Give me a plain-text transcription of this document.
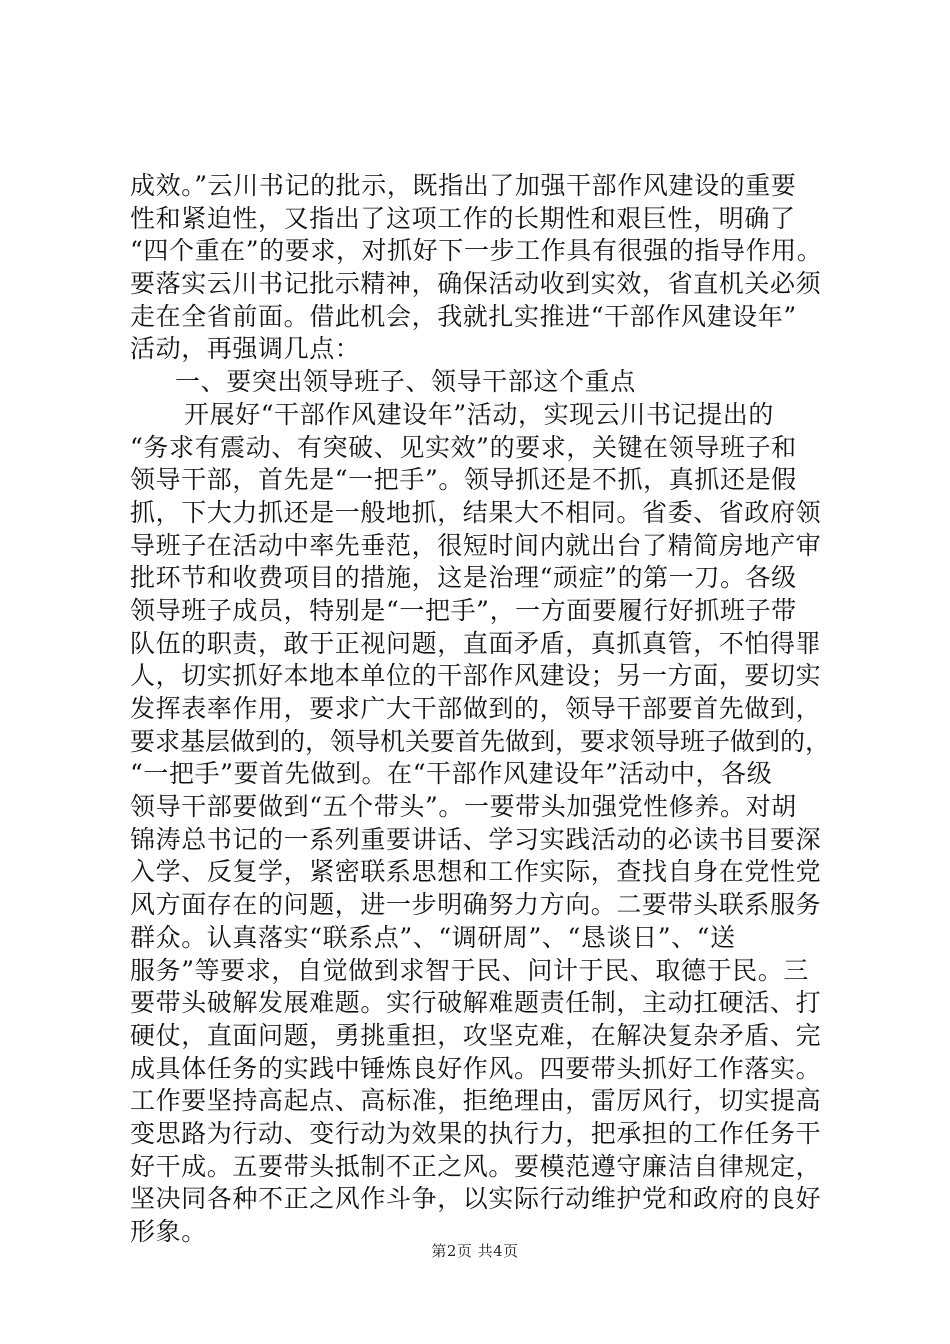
成效。”云川书记的批示，既指出了加强干部作风建设的重要
性和紧迫性，又指出了这项工作的长期性和艰巨性，明确了
“四个重在”的要求，对抓好下一步工作具有很强的指导作用。
要落实云川书记批示精神，确保活动收到实效，省直机关必须
走在全省前面。借此机会，我就扎实推进“干部作风建设年”
活动，再强调几点：
一、要突出领导班子、领导干部这个重点
开展好“干部作风建设年”活动，实现云川书记提出的
“务求有震动、有突破、见实效”的要求，关键在领导班子和
领导干部，首先是“一把手”。领导抓还是不抓，真抓还是假
抓，下大力抓还是一般地抓，结果大不相同。省委、省政府领
导班子在活动中率先垂范，很短时间内就出台了精简房地产审
批环节和收费项目的措施，这是治理“顽症”的第一刀。各级
领导班子成员，特别是“一把手”，一方面要履行好抓班子带
队伍的职责，敢于正视问题，直面矛盾，真抓真管，不怕得罪
人，切实抓好本地本单位的干部作风建设；另一方面，要切实
发挥表率作用，要求广大干部做到的，领导干部要首先做到，
要求基层做到的，领导机关要首先做到，要求领导班子做到的，
“一把手”要首先做到。在“干部作风建设年”活动中，各级
领导干部要做到“五个带头”。一要带头加强党性修养。对胡
锦涛总书记的一系列重要讲话、学习实践活动的必读书目要深
入学、反复学，紧密联系思想和工作实际，查找自身在党性党
风方面存在的问题，进一步明确努力方向。二要带头联系服务
群众。认真落实“联系点”、“调研周”、“恳谈日”、“送
服务”等要求，自觉做到求智于民、问计于民、取德于民。三
要带头破解发展难题。实行破解难题责任制，主动扛硬活、打
硬仗，直面问题，勇挑重担，攻坚克难，在解决复杂矛盾、完
成具体任务的实践中锤炼良好作风。四要带头抓好工作落实。
工作要坚持高起点、高标准，拒绝理由，雷厉风行，切实提高
变思路为行动、变行动为效果的执行力，把承担的工作任务干
好干成。五要带头抵制不正之风。要模范遵守廉洁自律规定，
坚决同各种不正之风作斗争，以实际行动维护党和政府的良好
形象。
第2页 共4页
